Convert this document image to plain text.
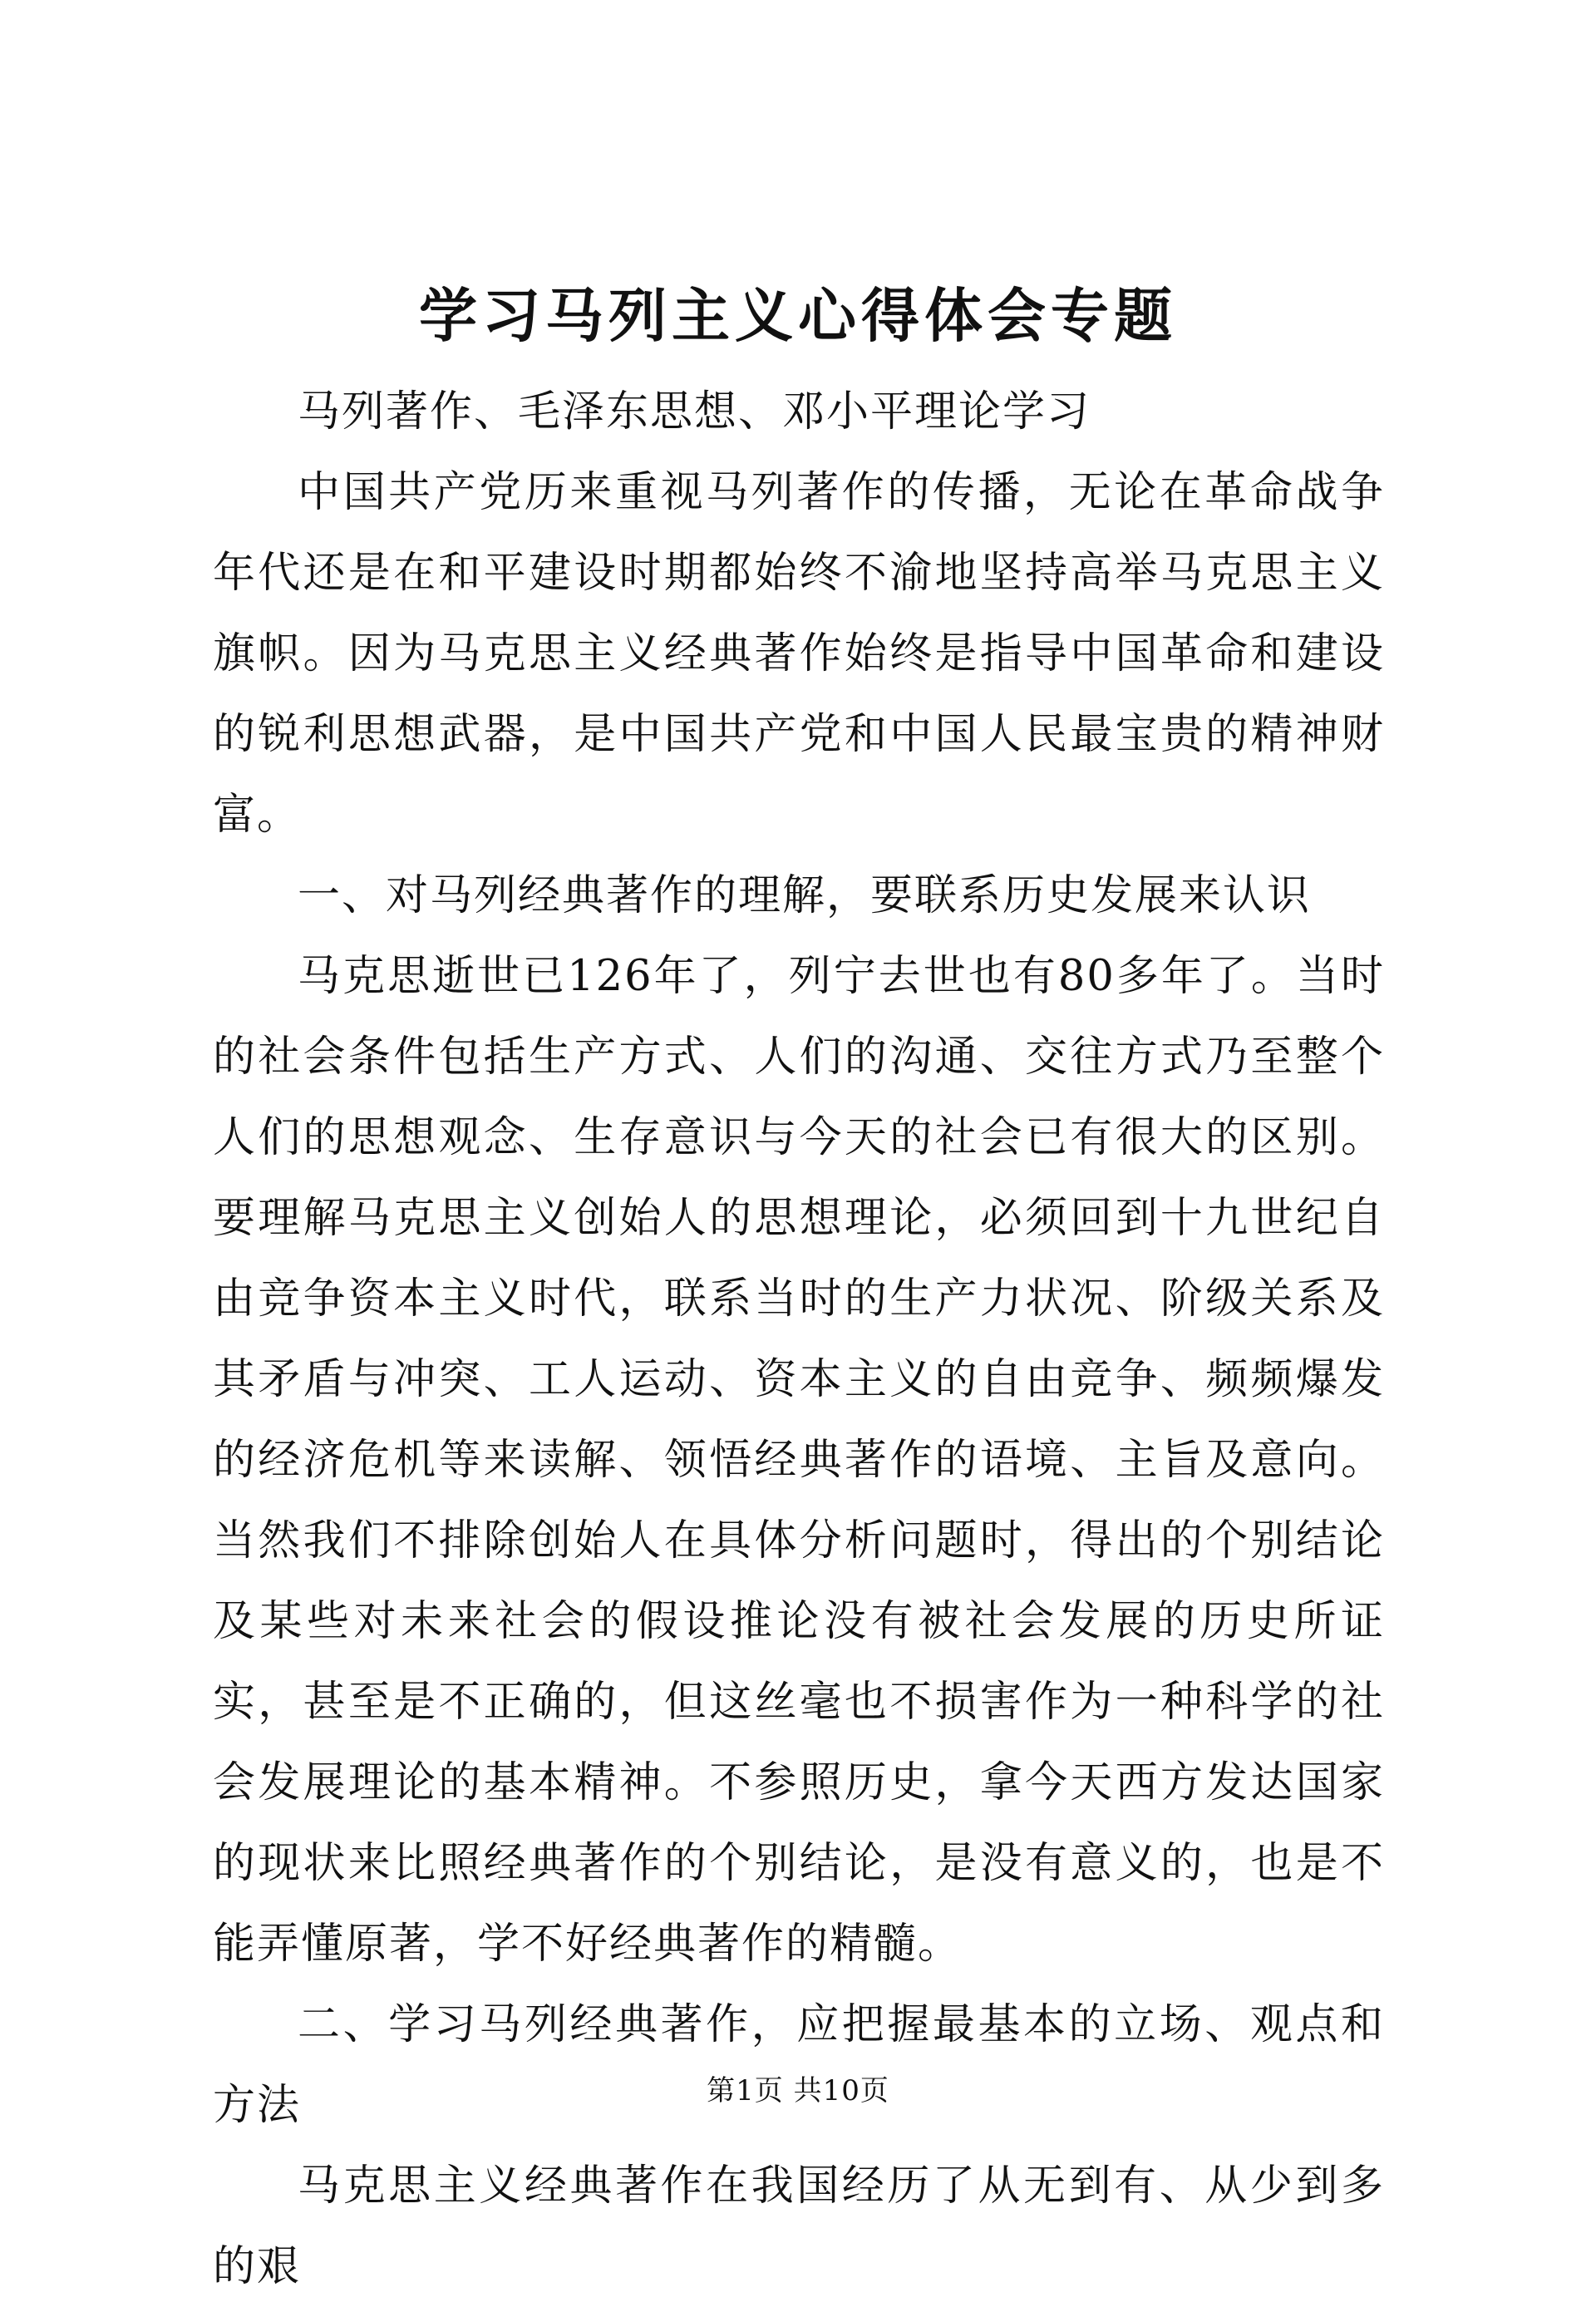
学习马列主义心得体会专题

马列著作、毛泽东思想、邓小平理论学习

中国共产党历来重视马列著作的传播，无论在革命战争年代还是在和平建设时期都始终不渝地坚持高举马克思主义旗帜。因为马克思主义经典著作始终是指导中国革命和建设的锐利思想武器，是中国共产党和中国人民最宝贵的精神财富。

一、对马列经典著作的理解，要联系历史发展来认识

马克思逝世已126年了，列宁去世也有80多年了。当时的社会条件包括生产方式、人们的沟通、交往方式乃至整个人们的思想观念、生存意识与今天的社会已有很大的区别。要理解马克思主义创始人的思想理论，必须回到十九世纪自由竞争资本主义时代，联系当时的生产力状况、阶级关系及其矛盾与冲突、工人运动、资本主义的自由竞争、频频爆发的经济危机等来读解、领悟经典著作的语境、主旨及意向。当然我们不排除创始人在具体分析问题时，得出的个别结论及某些对未来社会的假设推论没有被社会发展的历史所证实，甚至是不正确的，但这丝毫也不损害作为一种科学的社会发展理论的基本精神。不参照历史，拿今天西方发达国家的现状来比照经典著作的个别结论，是没有意义的，也是不能弄懂原著，学不好经典著作的精髓。

二、学习马列经典著作，应把握最基本的立场、观点和方法

马克思主义经典著作在我国经历了从无到有、从少到多的艰

第1页 共10页
